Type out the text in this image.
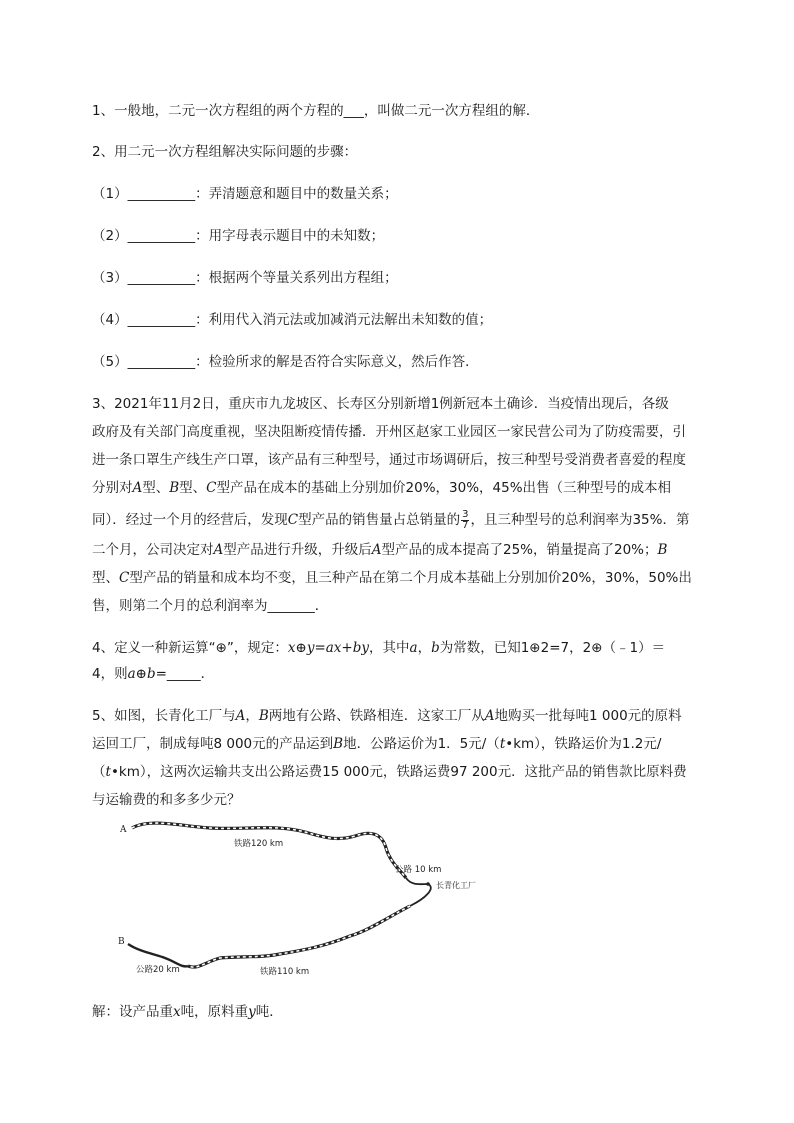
1、一般地，二元一次方程组的两个方程的___，叫做二元一次方程组的解．
2、用二元一次方程组解决实际问题的步骤：
（1）__________：弄清题意和题目中的数量关系；
（2）__________：用字母表示题目中的未知数；
（3）__________：根据两个等量关系列出方程组；
（4）__________：利用代入消元法或加减消元法解出未知数的值；
（5）__________：检验所求的解是否符合实际意义，然后作答．
3、2021年11月2日，重庆市九龙坡区、长寿区分别新增1例新冠本土确诊．当疫情出现后，各级
政府及有关部门高度重视，坚决阻断疫情传播．开州区赵家工业园区一家民营公司为了防疫需要，引
进一条口罩生产线生产口罩，该产品有三种型号，通过市场调研后，按三种型号受消费者喜爱的程度
分别对A型、B型、C型产品在成本的基础上分别加价20%，30%，45%出售（三种型号的成本相
同）．经过一个月的经营后，发现C型产品的销售量占总销量的 $\frac{3}{7}$ ，且三种型号的总利润率为35%．第
二个月，公司决定对A型产品进行升级，升级后A型产品的成本提高了25%，销量提高了20%；B
型、C型产品的销量和成本均不变，且三种产品在第二个月成本基础上分别加价20%，30%，50%出
售，则第二个月的总利润率为_______．
4、定义一种新运算“⊕”，规定：x⊕y=ax+by，其中a，b为常数，已知1⊕2=7，2⊕（﹣1）＝
4，则a⊕b=_____．
5、如图，长青化工厂与A，B两地有公路、铁路相连．这家工厂从A地购买一批每吨1 000元的原料
运回工厂，制成每吨8 000元的产品运到B地．公路运价为1．5元/（t•km），铁路运价为1.2元/
（t•km），这两次运输共支出公路运费15 000元，铁路运费97 200元．这批产品的销售款比原料费
与运输费的和多多少元？
A
B
铁路120 km
公路 10 km
长青化工厂
公路20 km	铁路110 km
解：设产品重x吨，原料重y吨．
